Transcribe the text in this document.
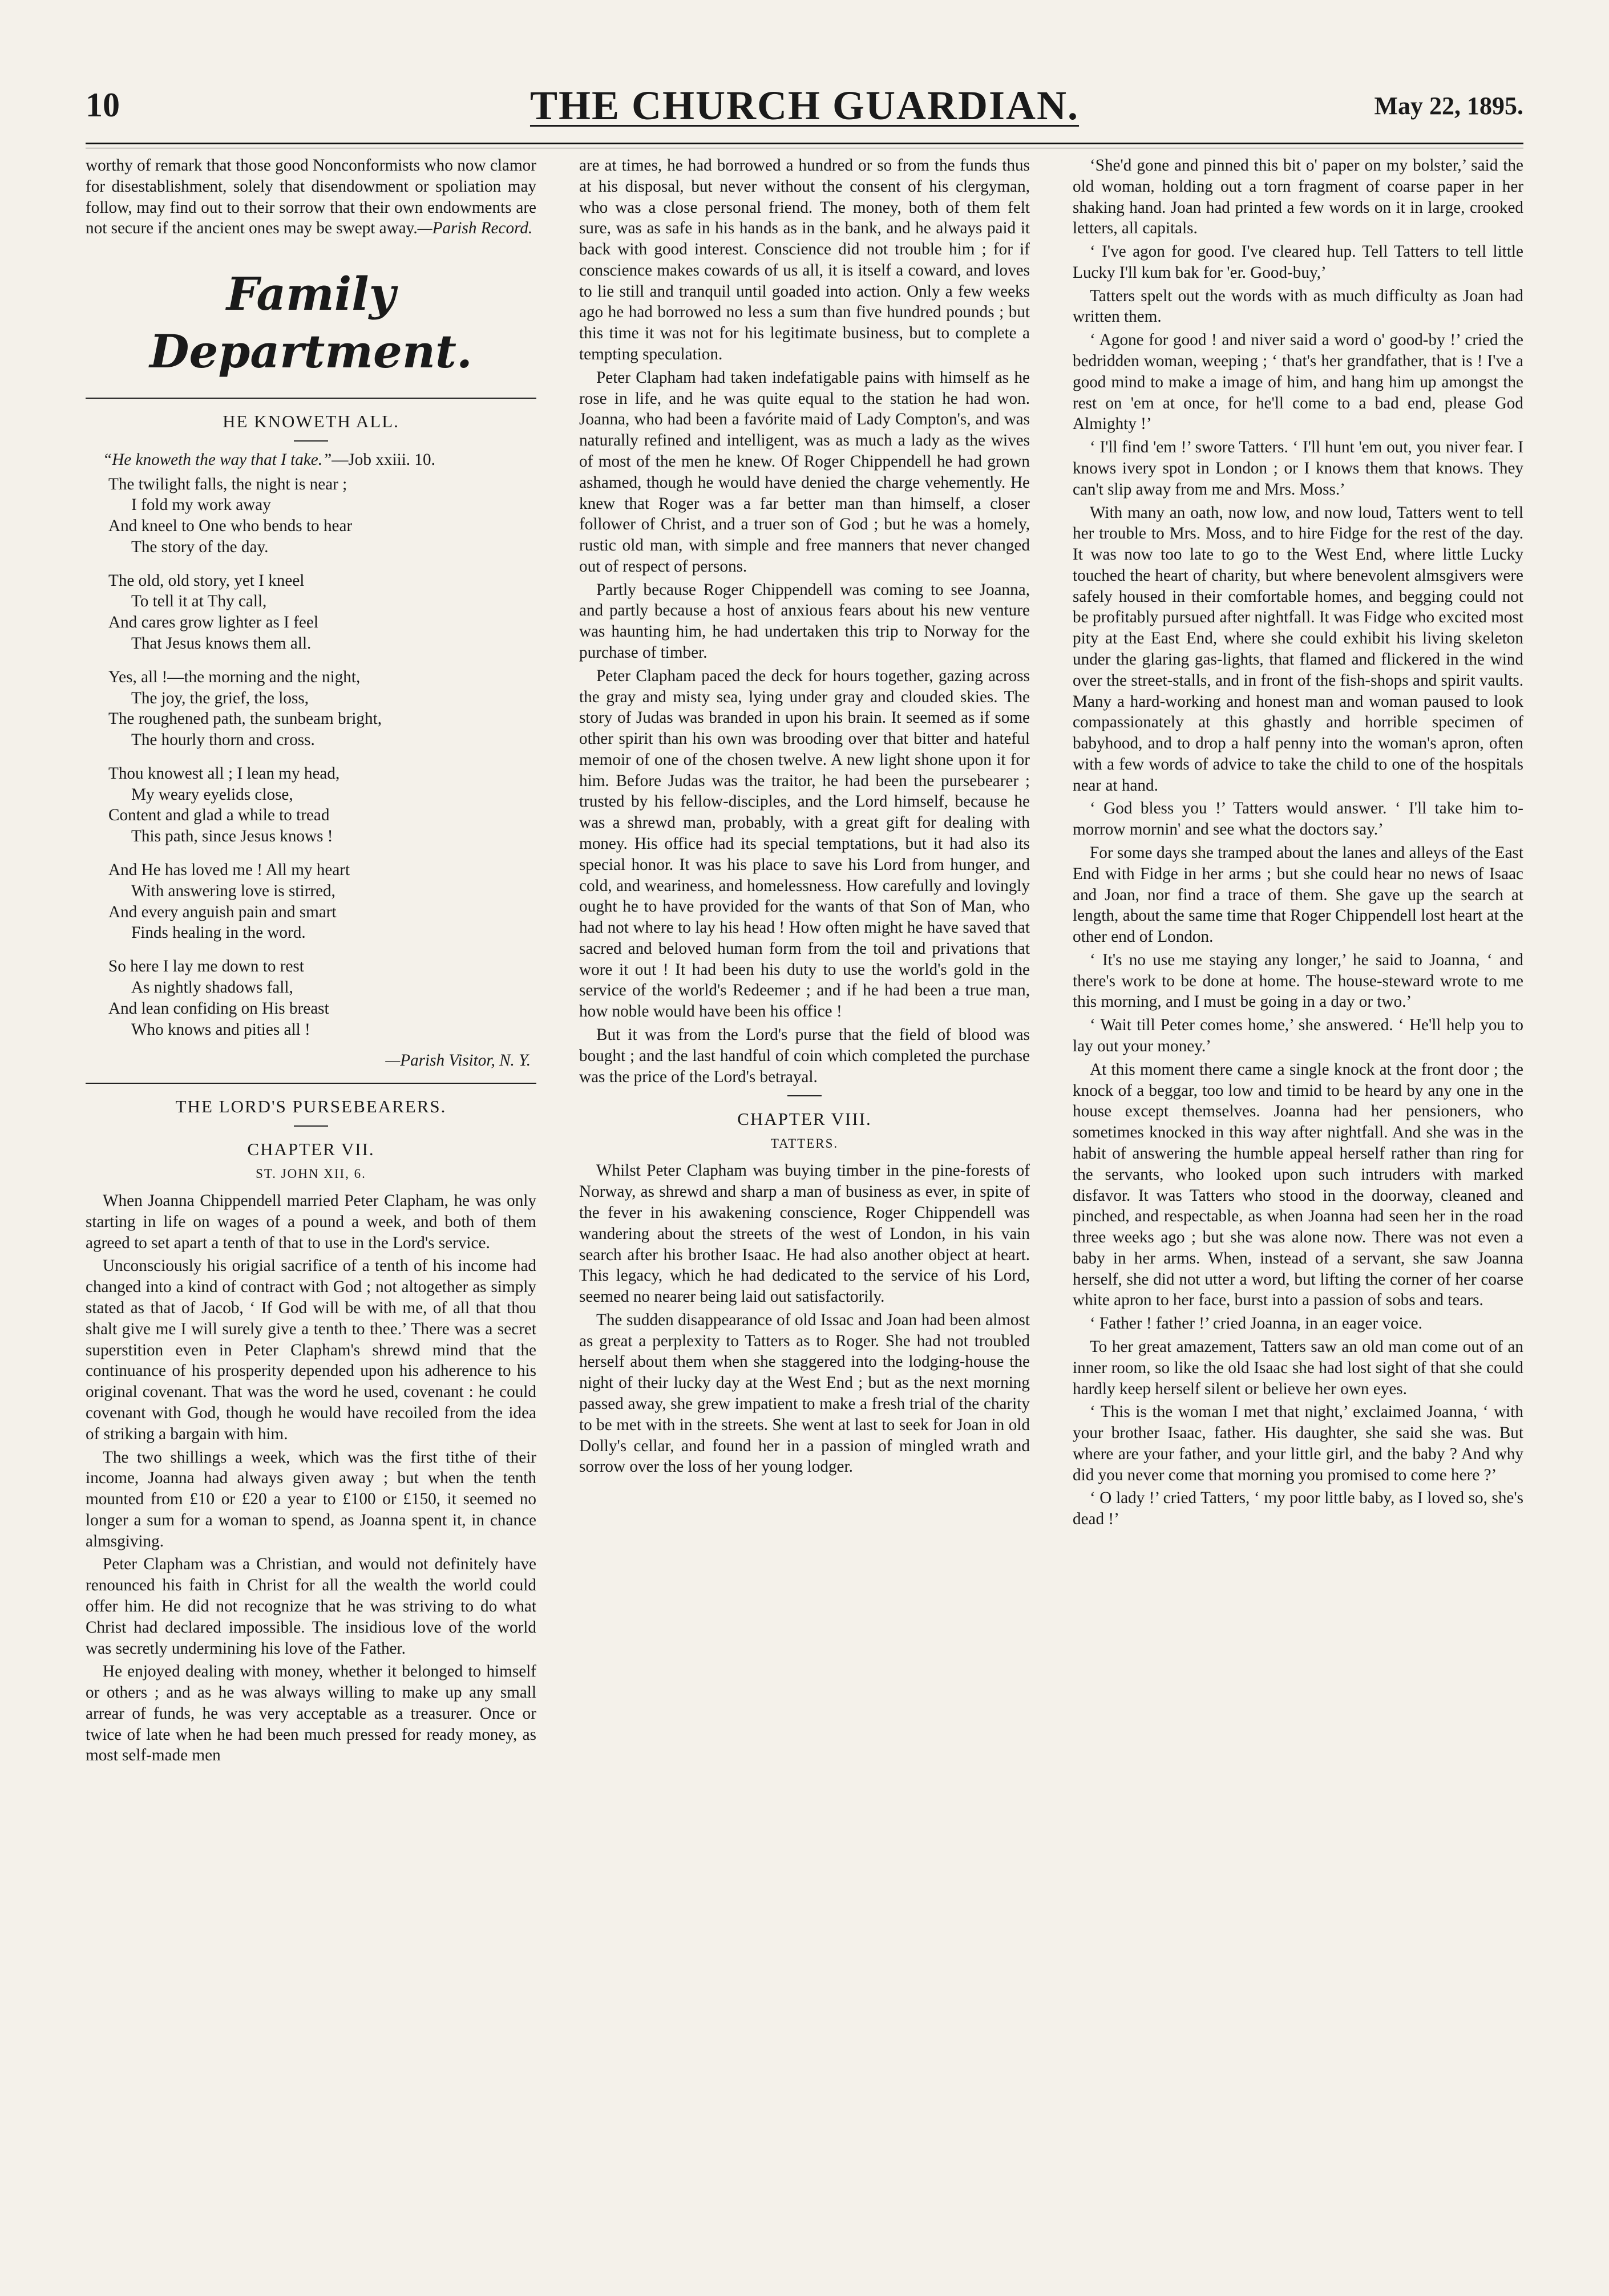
10	THE CHURCH GUARDIAN.	May 22, 1895.

worthy of remark that those good Nonconformists who now clamor for disestablishment, solely that disendowment or spoliation may follow, may find out to their sorrow that their own endowments are not secure if the ancient ones may be swept away.—Parish Record.

Family Department.
HE KNOWETH ALL.

“He knoweth the way that I take.”—Job xxiii. 10.

The twilight falls, the night is near ;
I fold my work away
And kneel to One who bends to hear
The story of the day.
The old, old story, yet I kneel
To tell it at Thy call,
And cares grow lighter as I feel
That Jesus knows them all.
Yes, all !—the morning and the night,
The joy, the grief, the loss,
The roughened path, the sunbeam bright,
The hourly thorn and cross.
Thou knowest all ; I lean my head,
My weary eyelids close,
Content and glad a while to tread
This path, since Jesus knows !
And He has loved me ! All my heart
With answering love is stirred,
And every anguish pain and smart
Finds healing in the word.
So here I lay me down to rest
As nightly shadows fall,
And lean confiding on His breast
Who knows and pities all !
—Parish Visitor, N. Y.
THE LORD'S PURSEBEARERS.
CHAPTER VII.
ST. JOHN XII, 6.

When Joanna Chippendell married Peter Clapham, he was only starting in life on wages of a pound a week, and both of them agreed to set apart a tenth of that to use in the Lord's service.

Unconsciously his origial sacrifice of a tenth of his income had changed into a kind of contract with God ; not altogether as simply stated as that of Jacob, ‘ If God will be with me, of all that thou shalt give me I will surely give a tenth to thee.’ There was a secret superstition even in Peter Clapham's shrewd mind that the continuance of his prosperity depended upon his adherence to his original covenant. That was the word he used, covenant : he could covenant with God, though he would have recoiled from the idea of striking a bargain with him.

The two shillings a week, which was the first tithe of their income, Joanna had always given away ; but when the tenth mounted from £10 or £20 a year to £100 or £150, it seemed no longer a sum for a woman to spend, as Joanna spent it, in chance almsgiving.

Peter Clapham was a Christian, and would not definitely have renounced his faith in Christ for all the wealth the world could offer him. He did not recognize that he was striving to do what Christ had declared impossible. The insidious love of the world was secretly undermining his love of the Father.

He enjoyed dealing with money, whether it belonged to himself or others ; and as he was always willing to make up any small arrear of funds, he was very acceptable as a treasurer. Once or twice of late when he had been much pressed for ready money, as most self-made men

are at times, he had borrowed a hundred or so from the funds thus at his disposal, but never without the consent of his clergyman, who was a close personal friend. The money, both of them felt sure, was as safe in his hands as in the bank, and he always paid it back with good interest. Conscience did not trouble him ; for if conscience makes cowards of us all, it is itself a coward, and loves to lie still and tranquil until goaded into action. Only a few weeks ago he had borrowed no less a sum than five hundred pounds ; but this time it was not for his legitimate business, but to complete a tempting speculation.

Peter Clapham had taken indefatigable pains with himself as he rose in life, and he was quite equal to the station he had won. Joanna, who had been a favórite maid of Lady Compton's, and was naturally refined and intelligent, was as much a lady as the wives of most of the men he knew. Of Roger Chippendell he had grown ashamed, though he would have denied the charge vehemently. He knew that Roger was a far better man than himself, a closer follower of Christ, and a truer son of God ; but he was a homely, rustic old man, with simple and free manners that never changed out of respect of persons.

Partly because Roger Chippendell was coming to see Joanna, and partly because a host of anxious fears about his new venture was haunting him, he had undertaken this trip to Norway for the purchase of timber.

Peter Clapham paced the deck for hours together, gazing across the gray and misty sea, lying under gray and clouded skies. The story of Judas was branded in upon his brain. It seemed as if some other spirit than his own was brooding over that bitter and hateful memoir of one of the chosen twelve. A new light shone upon it for him. Before Judas was the traitor, he had been the pursebearer ; trusted by his fellow-disciples, and the Lord himself, because he was a shrewd man, probably, with a great gift for dealing with money. His office had its special temptations, but it had also its special honor. It was his place to save his Lord from hunger, and cold, and weariness, and homelessness. How carefully and lovingly ought he to have provided for the wants of that Son of Man, who had not where to lay his head ! How often might he have saved that sacred and beloved human form from the toil and privations that wore it out ! It had been his duty to use the world's gold in the service of the world's Redeemer ; and if he had been a true man, how noble would have been his office !

But it was from the Lord's purse that the field of blood was bought ; and the last handful of coin which completed the purchase was the price of the Lord's betrayal.

CHAPTER VIII.
TATTERS.

Whilst Peter Clapham was buying timber in the pine-forests of Norway, as shrewd and sharp a man of business as ever, in spite of the fever in his awakening conscience, Roger Chippendell was wandering about the streets of the west of London, in his vain search after his brother Isaac. He had also another object at heart. This legacy, which he had dedicated to the service of his Lord, seemed no nearer being laid out satisfactorily.

The sudden disappearance of old Issac and Joan had been almost as great a perplexity to Tatters as to Roger. She had not troubled herself about them when she staggered into the lodging-house the night of their lucky day at the West End ; but as the next morning passed away, she grew impatient to make a fresh trial of the charity to be met with in the streets. She went at last to seek for Joan in old Dolly's cellar, and found her in a passion of mingled wrath and sorrow over the loss of her young lodger.

‘She'd gone and pinned this bit o' paper on my bolster,’ said the old woman, holding out a torn fragment of coarse paper in her shaking hand. Joan had printed a few words on it in large, crooked letters, all capitals.

‘ I've agon for good. I've cleared hup. Tell Tatters to tell little Lucky I'll kum bak for 'er. Good-buy,’

Tatters spelt out the words with as much difficulty as Joan had written them.

‘ Agone for good ! and niver said a word o' good-by !’ cried the bedridden woman, weeping ; ‘ that's her grandfather, that is ! I've a good mind to make a image of him, and hang him up amongst the rest on 'em at once, for he'll come to a bad end, please God Almighty !’

‘ I'll find 'em !’ swore Tatters. ‘ I'll hunt 'em out, you niver fear. I knows ivery spot in London ; or I knows them that knows. They can't slip away from me and Mrs. Moss.’

With many an oath, now low, and now loud, Tatters went to tell her trouble to Mrs. Moss, and to hire Fidge for the rest of the day. It was now too late to go to the West End, where little Lucky touched the heart of charity, but where benevolent almsgivers were safely housed in their comfortable homes, and begging could not be profitably pursued after nightfall. It was Fidge who excited most pity at the East End, where she could exhibit his living skeleton under the glaring gas-lights, that flamed and flickered in the wind over the street-stalls, and in front of the fish-shops and spirit vaults. Many a hard-working and honest man and woman paused to look compassionately at this ghastly and horrible specimen of babyhood, and to drop a half penny into the woman's apron, often with a few words of advice to take the child to one of the hospitals near at hand.

‘ God bless you !’ Tatters would answer. ‘ I'll take him to-morrow mornin' and see what the doctors say.’

For some days she tramped about the lanes and alleys of the East End with Fidge in her arms ; but she could hear no news of Isaac and Joan, nor find a trace of them. She gave up the search at length, about the same time that Roger Chippendell lost heart at the other end of London.

‘ It's no use me staying any longer,’ he said to Joanna, ‘ and there's work to be done at home. The house-steward wrote to me this morning, and I must be going in a day or two.’

‘ Wait till Peter comes home,’ she answered. ‘ He'll help you to lay out your money.’

At this moment there came a single knock at the front door ; the knock of a beggar, too low and timid to be heard by any one in the house except themselves. Joanna had her pensioners, who sometimes knocked in this way after nightfall. And she was in the habit of answering the humble appeal herself rather than ring for the servants, who looked upon such intruders with marked disfavor. It was Tatters who stood in the doorway, cleaned and pinched, and respectable, as when Joanna had seen her in the road three weeks ago ; but she was alone now. There was not even a baby in her arms. When, instead of a servant, she saw Joanna herself, she did not utter a word, but lifting the corner of her coarse white apron to her face, burst into a passion of sobs and tears.

‘ Father ! father !’ cried Joanna, in an eager voice.

To her great amazement, Tatters saw an old man come out of an inner room, so like the old Isaac she had lost sight of that she could hardly keep herself silent or believe her own eyes.

‘ This is the woman I met that night,’ exclaimed Joanna, ‘ with your brother Isaac, father. His daughter, she said she was. But where are your father, and your little girl, and the baby ? And why did you never come that morning you promised to come here ?’

‘ O lady !’ cried Tatters, ‘ my poor little baby, as I loved so, she's dead !’
